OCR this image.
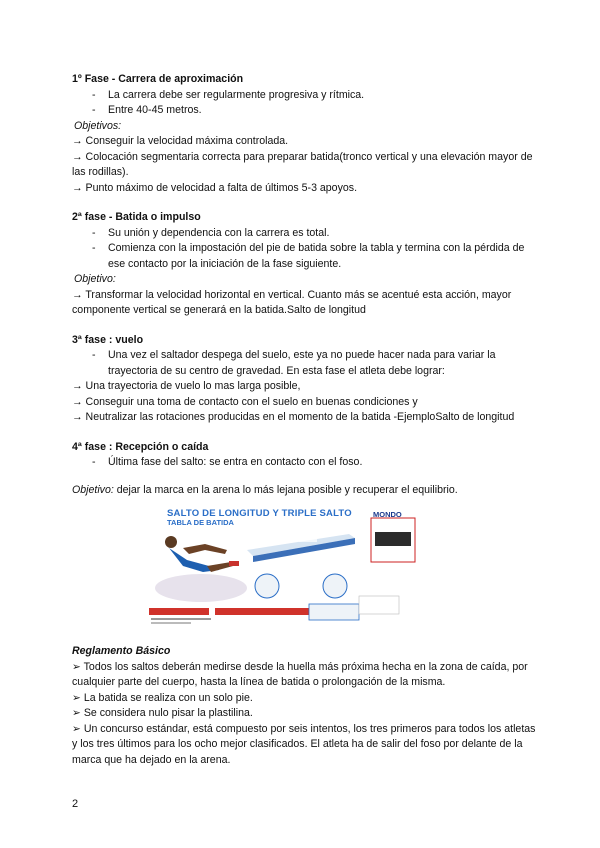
1º Fase - Carrera de aproximación

- La carrera debe ser regularmente progresiva y rítmica.
- Entre 40-45 metros.

Objetivos:

→ Conseguir la velocidad máxima controlada.

→ Colocación segmentaria correcta para preparar batida(tronco vertical y una elevación mayor de las rodillas).

→ Punto máximo de velocidad a falta de últimos 5-3 apoyos.

2ª fase - Batida o impulso

- Su unión y dependencia con la carrera es total.
- Comienza con la impostación del pie de batida sobre la tabla y termina con la pérdida de ese contacto por la iniciación de la fase siguiente.

Objetivo:

→ Transformar la velocidad horizontal en vertical. Cuanto más se acentué esta acción, mayor componente vertical se generará en la batida.Salto de longitud

3ª fase : vuelo

- Una vez el saltador despega del suelo, este ya no puede hacer nada para variar la trayectoria de su centro de gravedad. En esta fase el atleta debe lograr:

→ Una trayectoria de vuelo lo mas larga posible,

→ Conseguir una toma de contacto con el suelo en buenas condiciones y

→ Neutralizar las rotaciones producidas en el momento de la batida -EjemploSalto de longitud

4ª fase : Recepción o caída

- Última fase del salto: se entra en contacto con el foso.

Objetivo: dejar la marca en la arena lo más lejana posible y recuperar el equilibrio.

SALTO DE LONGITUD Y TRIPLE SALTO
TABLA DE BATIDA
MONDO

Reglamento Básico

➢ Todos los saltos deberán medirse desde la huella más próxima hecha en la zona de caída, por cualquier parte del cuerpo, hasta la línea de batida o prolongación de la misma.

➢ La batida se realiza con un solo pie.

➢ Se considera nulo pisar la plastilina.

➢ Un concurso estándar, está compuesto por seis intentos, los tres primeros para todos los atletas y los tres últimos para los ocho mejor clasificados. El atleta ha de salir del foso por delante de la marca que ha dejado en la arena.

2
